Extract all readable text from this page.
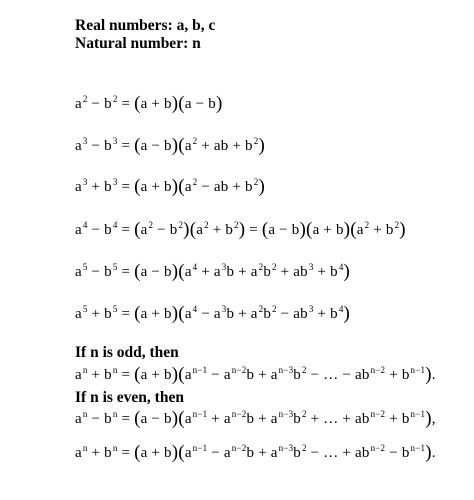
Real numbers: a, b, c
Natural number: n
$a^2 - b^2 = (a + b)(a - b)$
$a^3 - b^3 = (a - b)(a^2$ + ab + $b^2$)
$a^3 + b^3 = (a + b)(a^2$ − ab + $b^2$)
$a^4 - b^4 = (a^2 - b^2)(a^2 + b^2) = (a - b)(a + b)(a^2 + b^2)$
$a^5 - b^5 = (a - b)(a^4 + a^3b + a^2b^2 + ab^3 + b^4)$
$a^5 + b^5 = (a + b)(a^4 - a^3b + a^2b^2 - ab^3 + b^4)$
If n is odd, then
$a^n + b^n = (a + b)(a^{n-1} - a^{n-2}b + a^{n-3}b^2$ − … − $ab^{n-2} + b^{n-1}$).
If n is even, then
$a^n - b^n = (a - b)(a^{n-1} + a^{n-2}b + a^{n-3}b^2$ + … + $ab^{n-2} + b^{n-1}$),
$a^n + b^n = (a + b)(a^{n-1} - a^{n-2}b + a^{n-3}b^2$ − … + $ab^{n-2} - b^{n-1}$).
